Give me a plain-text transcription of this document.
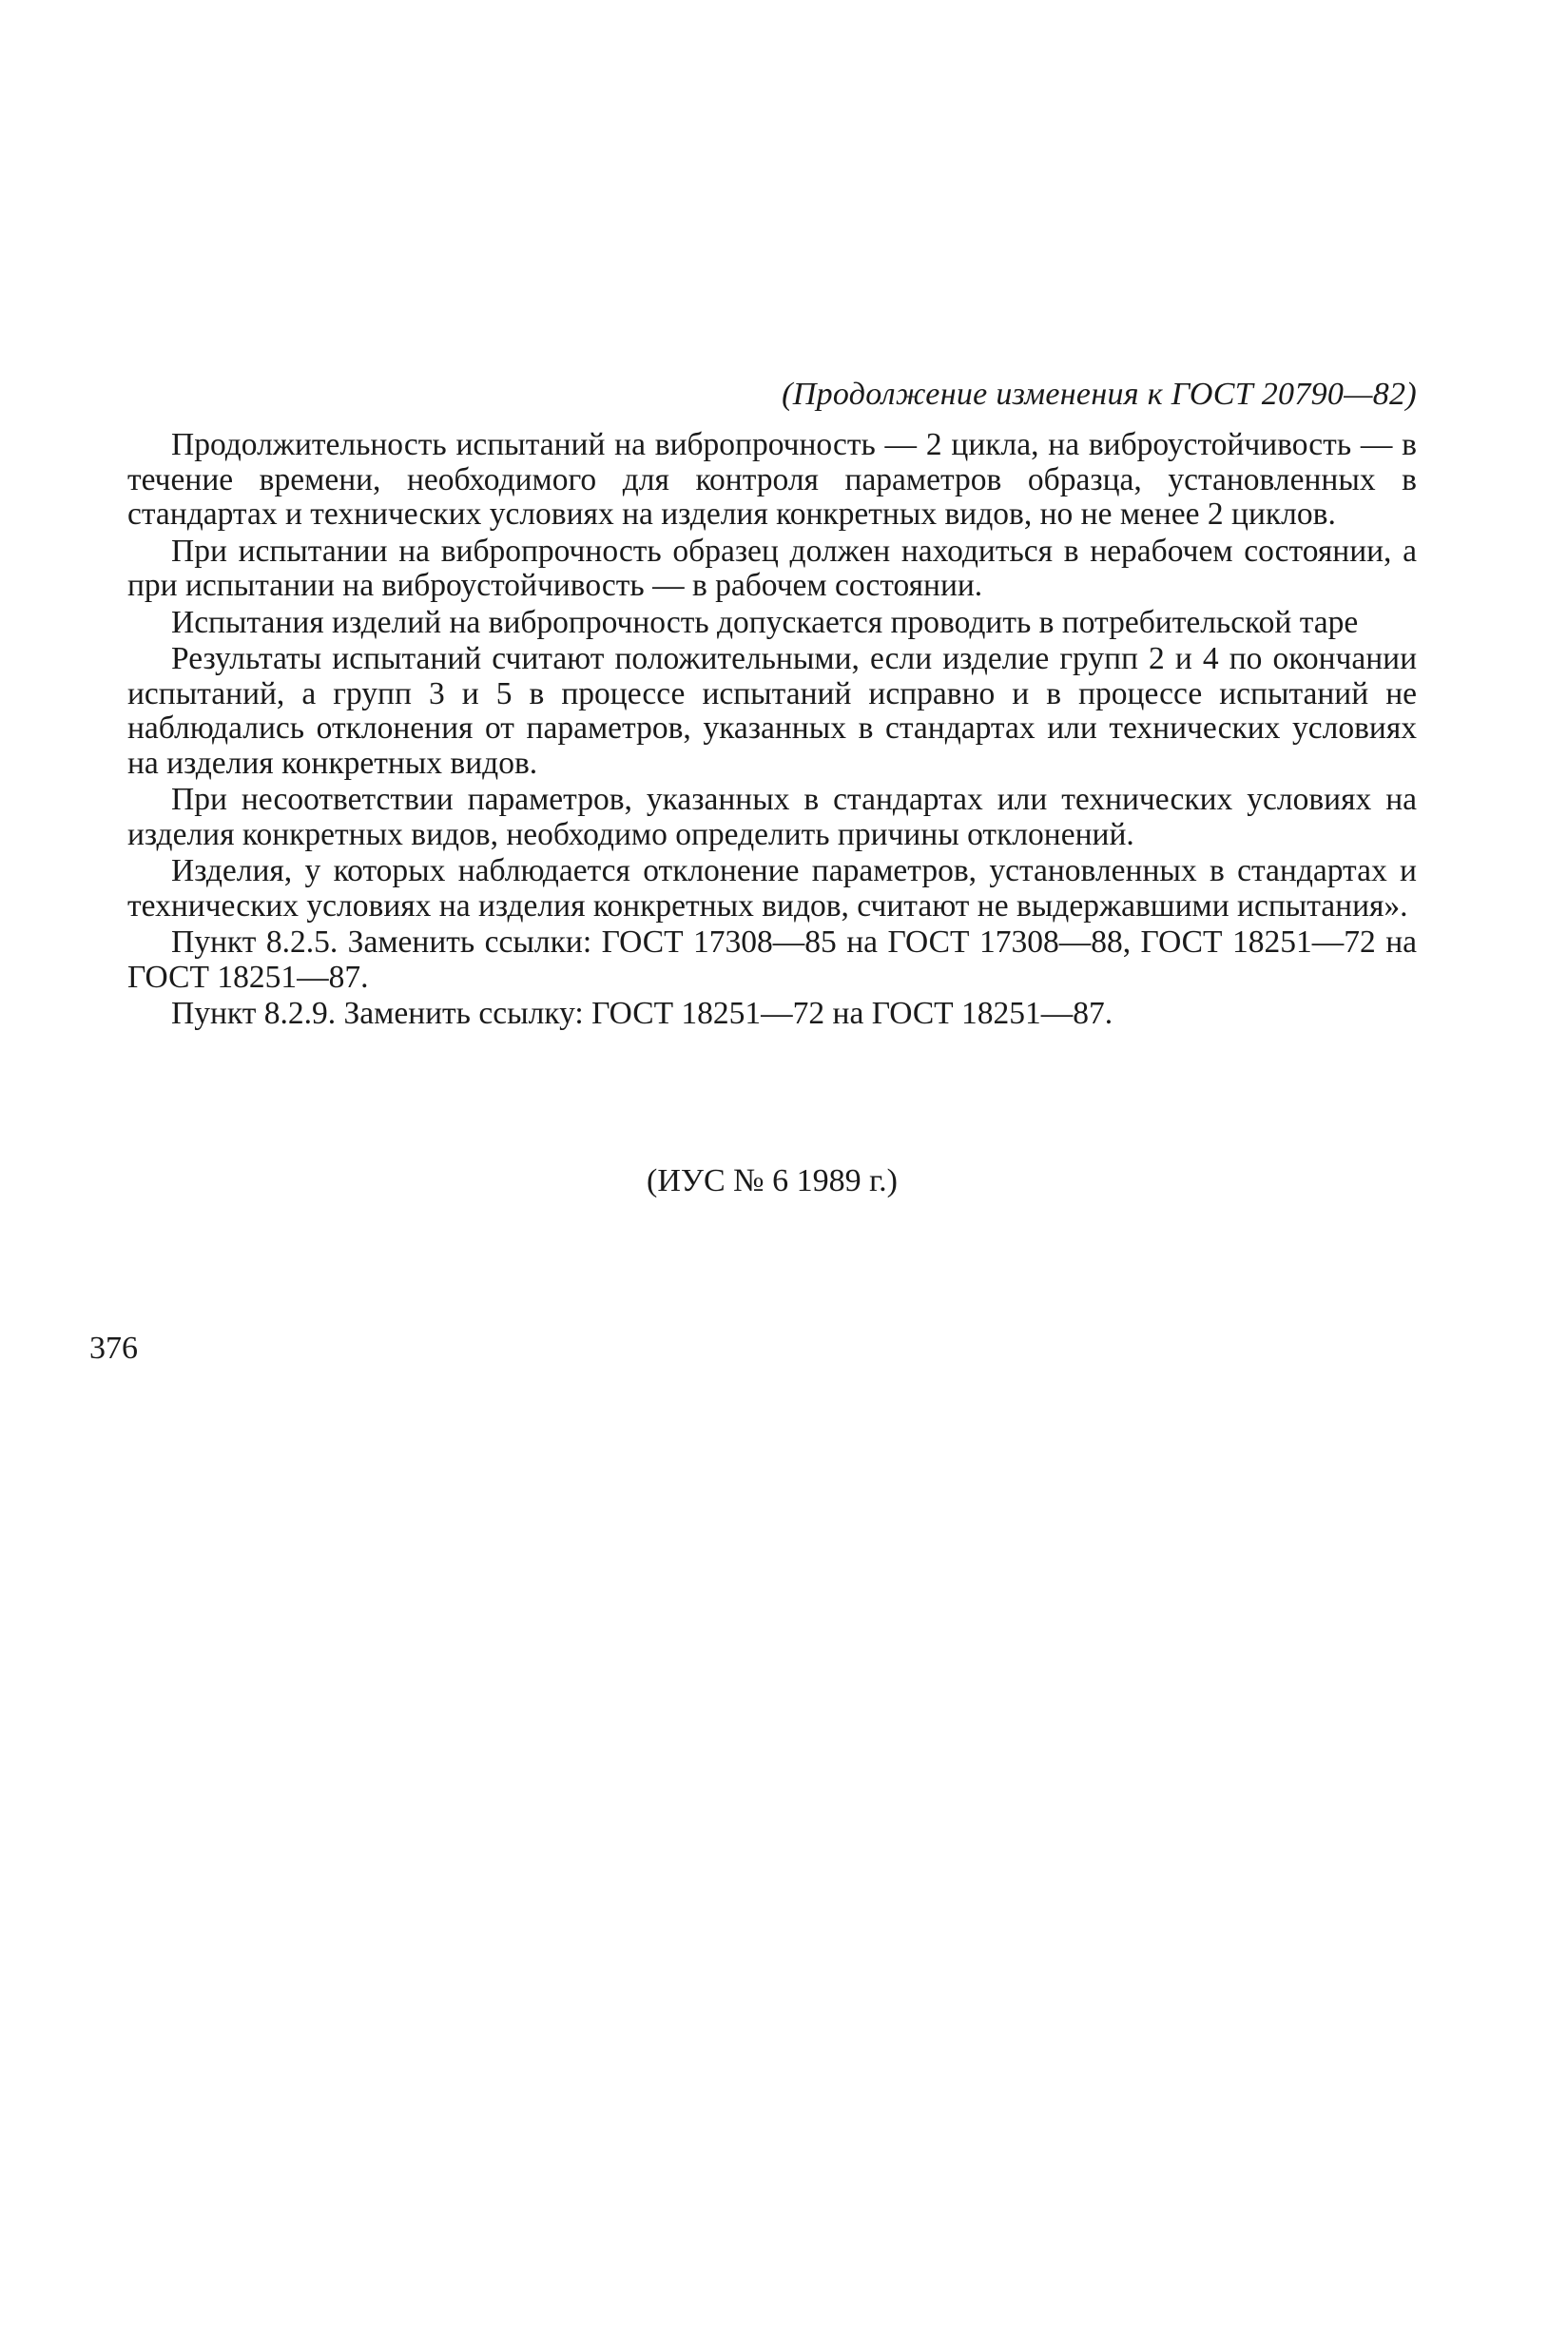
(Продолжение изменения к ГОСТ 20790—82)

Продолжительность испытаний на вибропрочность — 2 цикла, на виброустойчивость — в течение времени, необходимого для контроля параметров образца, установленных в стандартах и технических условиях на изделия конкретных видов, но не менее 2 циклов.

При испытании на вибропрочность образец должен находиться в нерабочем состоянии, а при испытании на виброустойчивость — в рабочем состоянии.

Испытания изделий на вибропрочность допускается проводить в потребительской таре

Результаты испытаний считают положительными, если изделие групп 2 и 4 по окончании испытаний, а групп 3 и 5 в процессе испытаний исправно и в процессе испытаний не наблюдались отклонения от параметров, указанных в стандартах или технических условиях на изделия конкретных видов.

При несоответствии параметров, указанных в стандартах или технических условиях на изделия конкретных видов, необходимо определить причины отклонений.

Изделия, у которых наблюдается отклонение параметров, установленных в стандартах и технических условиях на изделия конкретных видов, считают не выдержавшими испытания».

Пункт 8.2.5. Заменить ссылки: ГОСТ 17308—85 на ГОСТ 17308—88, ГОСТ 18251—72 на ГОСТ 18251—87.

Пункт 8.2.9. Заменить ссылку: ГОСТ 18251—72 на ГОСТ 18251—87.

(ИУС № 6 1989 г.)
376
